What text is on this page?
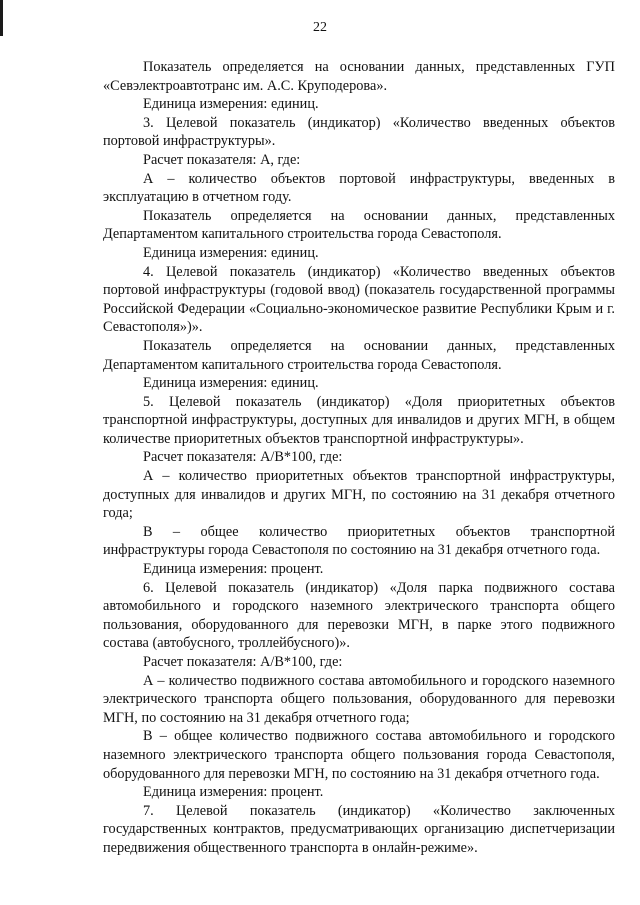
22

Показатель определяется на основании данных, представленных ГУП «Севэлектроавтотранс им. А.С. Круподерова».

Единица измерения: единиц.

3. Целевой показатель (индикатор) «Количество введенных объектов портовой инфраструктуры».

Расчет показателя: А, где:

А – количество объектов портовой инфраструктуры, введенных в эксплуатацию в отчетном году.

Показатель определяется на основании данных, представленных Департаментом капитального строительства города Севастополя.

Единица измерения: единиц.

4. Целевой показатель (индикатор) «Количество введенных объектов портовой инфраструктуры (годовой ввод) (показатель государственной программы Российской Федерации «Социально-экономическое развитие Республики Крым и г. Севастополя»)».

Показатель определяется на основании данных, представленных Департаментом капитального строительства города Севастополя.

Единица измерения: единиц.

5. Целевой показатель (индикатор) «Доля приоритетных объектов транспортной инфраструктуры, доступных для инвалидов и других МГН, в общем количестве приоритетных объектов транспортной инфраструктуры».

Расчет показателя: А/В*100, где:

А – количество приоритетных объектов транспортной инфраструктуры, доступных для инвалидов и других МГН, по состоянию на 31 декабря отчетного года;

В – общее количество приоритетных объектов транспортной инфраструктуры города Севастополя по состоянию на 31 декабря отчетного года.

Единица измерения: процент.

6. Целевой показатель (индикатор) «Доля парка подвижного состава автомобильного и городского наземного электрического транспорта общего пользования, оборудованного для перевозки МГН, в парке этого подвижного состава (автобусного, троллейбусного)».

Расчет показателя: А/В*100, где:

А – количество подвижного состава автомобильного и городского наземного электрического транспорта общего пользования, оборудованного для перевозки МГН, по состоянию на 31 декабря отчетного года;

В – общее количество подвижного состава автомобильного и городского наземного электрического транспорта общего пользования города Севастополя, оборудованного для перевозки МГН, по состоянию на 31 декабря отчетного года.

Единица измерения: процент.

7. Целевой показатель (индикатор) «Количество заключенных государственных контрактов, предусматривающих организацию диспетчеризации передвижения общественного транспорта в онлайн-режиме».
